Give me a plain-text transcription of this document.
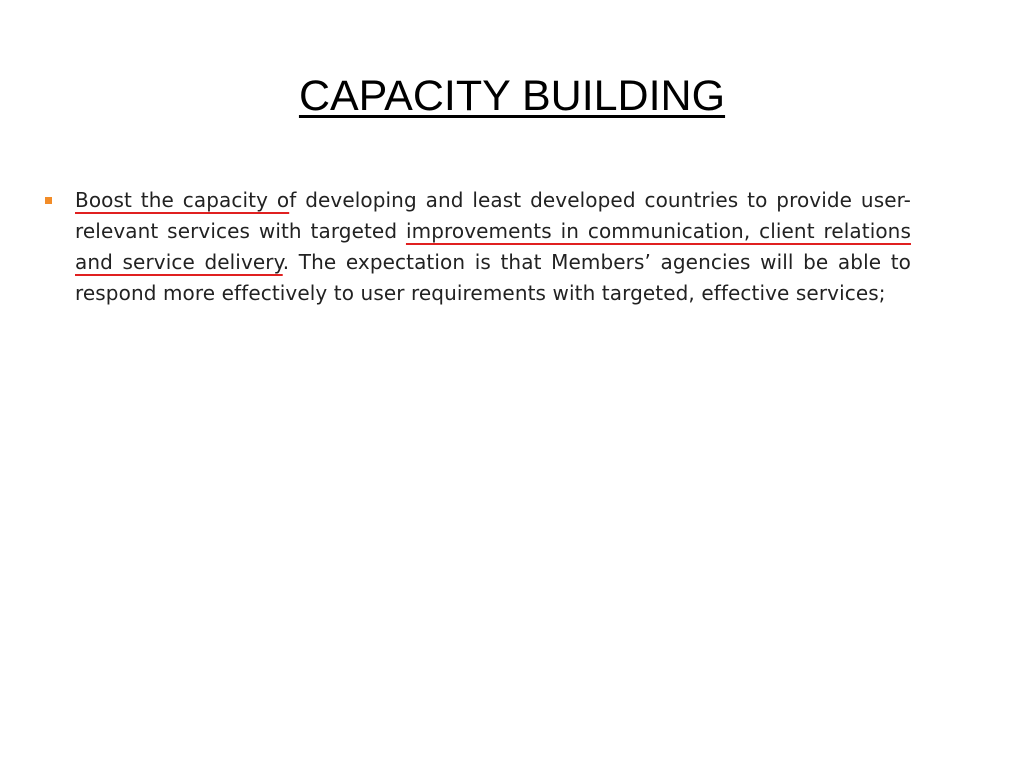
CAPACITY BUILDING
Boost the capacity of developing and least developed countries to provide user-relevant services with targeted improvements in communication, client relations and service delivery. The expectation is that Members’ agencies will be able to respond more effectively to user requirements with targeted, effective services;
